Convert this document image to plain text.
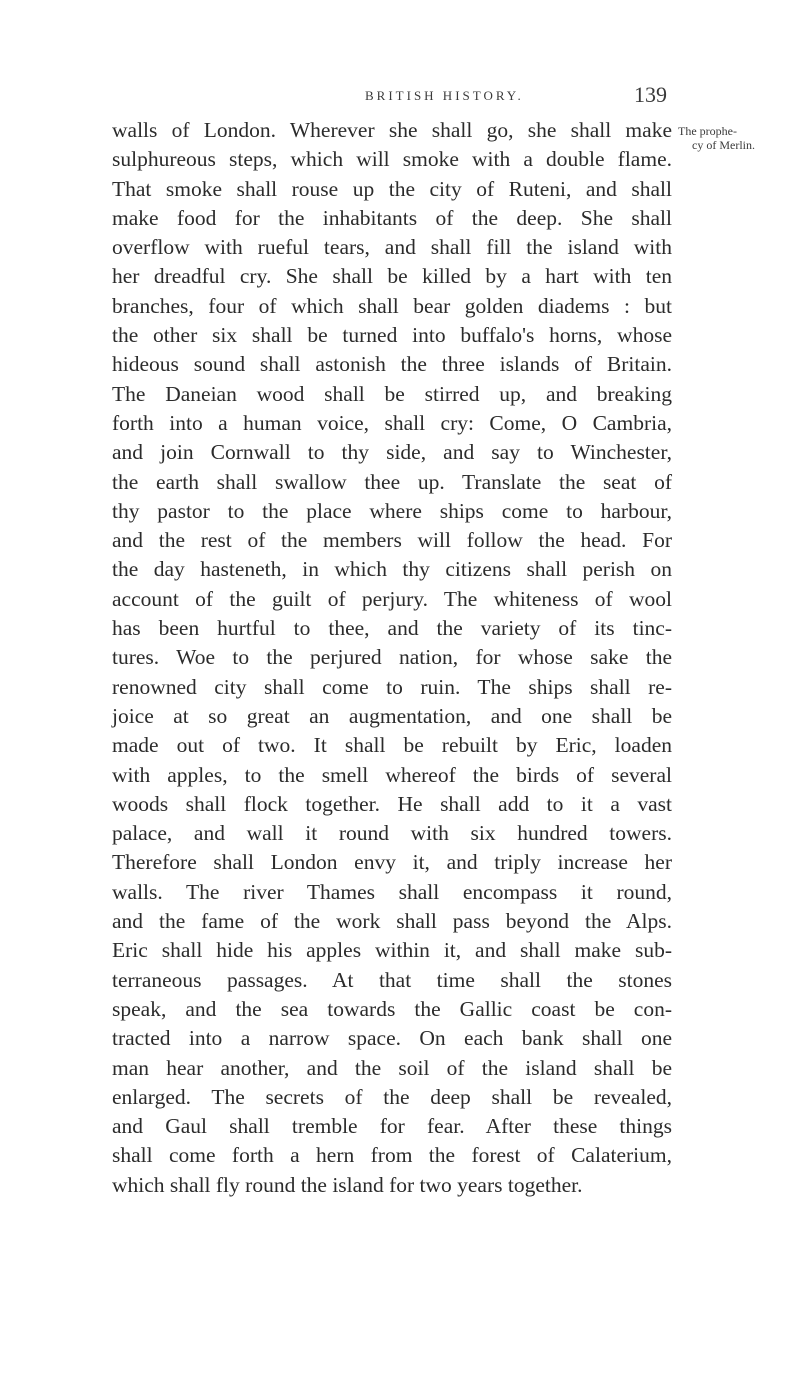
BRITISH HISTORY.	139
The prophe-
cy of Merlin.
walls of London. Wherever she shall go, she shall make
sulphureous steps, which will smoke with a double flame.
That smoke shall rouse up the city of Ruteni, and shall
make food for the inhabitants of the deep. She shall
overflow with rueful tears, and shall fill the island with
her dreadful cry. She shall be killed by a hart with ten
branches, four of which shall bear golden diadems : but
the other six shall be turned into buffalo's horns, whose
hideous sound shall astonish the three islands of Britain.
The Daneian wood shall be stirred up, and breaking
forth into a human voice, shall cry: Come, O Cambria,
and join Cornwall to thy side, and say to Winchester,
the earth shall swallow thee up. Translate the seat of
thy pastor to the place where ships come to harbour,
and the rest of the members will follow the head. For
the day hasteneth, in which thy citizens shall perish on
account of the guilt of perjury. The whiteness of wool
has been hurtful to thee, and the variety of its tinc-
tures. Woe to the perjured nation, for whose sake the
renowned city shall come to ruin. The ships shall re-
joice at so great an augmentation, and one shall be
made out of two. It shall be rebuilt by Eric, loaden
with apples, to the smell whereof the birds of several
woods shall flock together. He shall add to it a vast
palace, and wall it round with six hundred towers.
Therefore shall London envy it, and triply increase her
walls. The river Thames shall encompass it round,
and the fame of the work shall pass beyond the Alps.
Eric shall hide his apples within it, and shall make sub-
terraneous passages. At that time shall the stones
speak, and the sea towards the Gallic coast be con-
tracted into a narrow space. On each bank shall one
man hear another, and the soil of the island shall be
enlarged. The secrets of the deep shall be revealed,
and Gaul shall tremble for fear. After these things
shall come forth a hern from the forest of Calaterium,
which shall fly round the island for two years together.
